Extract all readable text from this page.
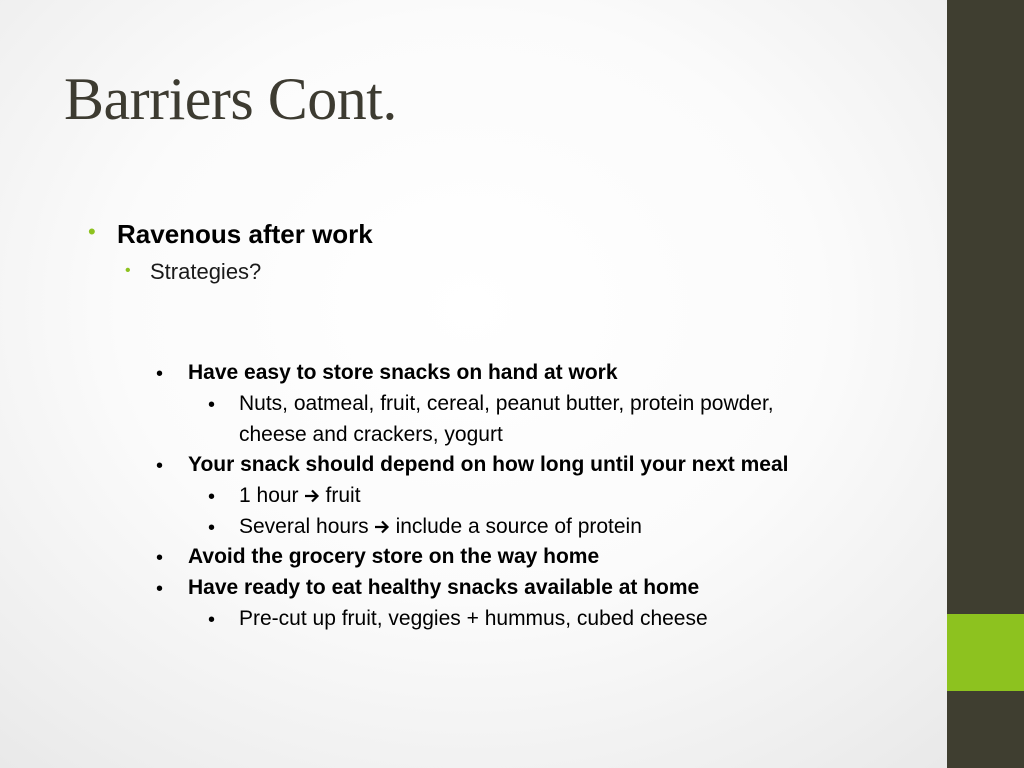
Barriers Cont.
• Ravenous after work
• Strategies?
• Have easy to store snacks on hand at work
• Nuts, oatmeal, fruit, cereal, peanut butter, protein powder,
cheese and crackers, yogurt
• Your snack should depend on how long until your next meal
• 1 hour fruit
• Several hours include a source of protein
• Avoid the grocery store on the way home
• Have ready to eat healthy snacks available at home
• Pre-cut up fruit, veggies + hummus, cubed cheese
